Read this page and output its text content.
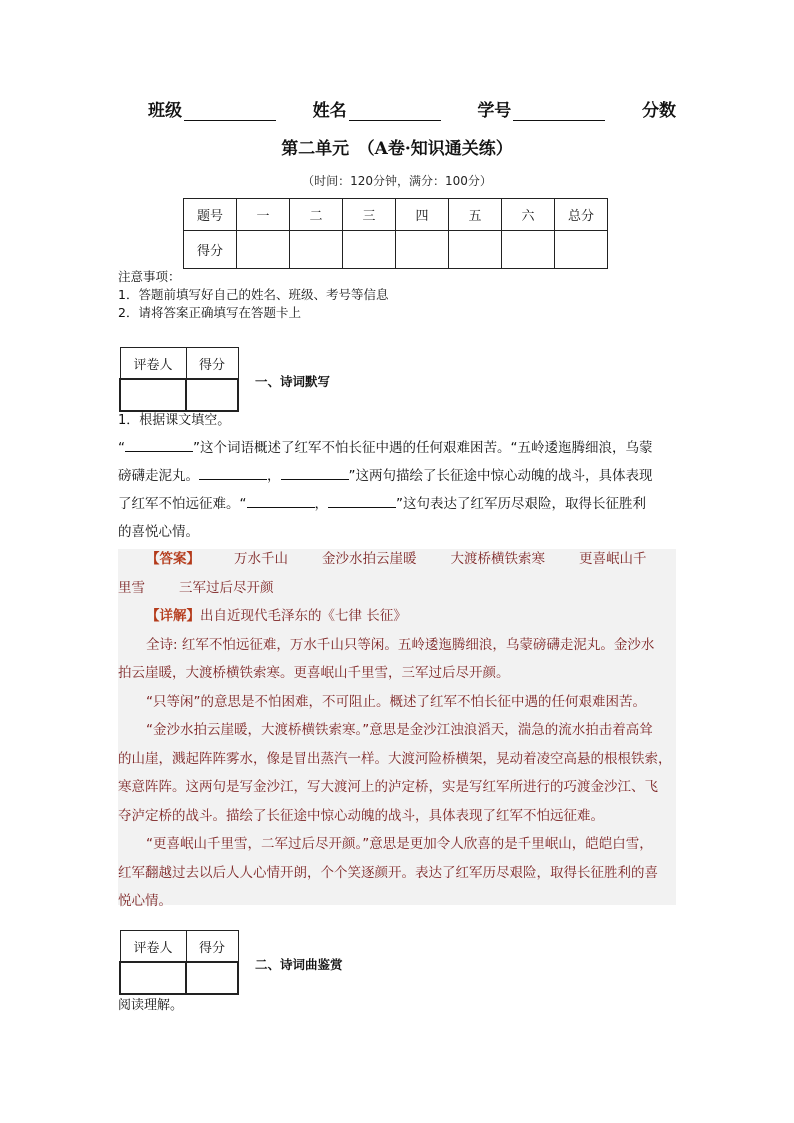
班级	姓名	学号	分数
第二单元　（A卷·知识通关练）
（时间：120分钟，满分：100分）
题号	一	二	三	四	五	六	总分
得分							
注意事项：
1．答题前填写好自己的姓名、班级、考号等信息
2．请将答案正确填写在答题卡上
评卷人	得分

一、诗词默写
1．根据课文填空。
“	”这个词语概述了红军不怕长征中遇的任何艰难困苦。“五岭逶迤腾细浪，乌蒙
磅礴走泥丸。	，	”这两句描绘了长征途中惊心动魄的战斗，具体表现
了红军不怕远征难。“	，	”这句表达了红军历尽艰险，取得长征胜利
的喜悦心情。
【答案】	万水千山	金沙水拍云崖暖	大渡桥横铁索寒	更喜岷山千
里雪	三军过后尽开颜
【详解】出自近现代毛泽东的《七律 长征》
全诗: 红军不怕远征难，万水千山只等闲。五岭逶迤腾细浪，乌蒙磅礴走泥丸。金沙水
拍云崖暖，大渡桥横铁索寒。更喜岷山千里雪，三军过后尽开颜。
“只等闲”的意思是不怕困难，不可阻止。概述了红军不怕长征中遇的任何艰难困苦。
“金沙水拍云崖暖，大渡桥横铁索寒。”意思是金沙江浊浪滔天，湍急的流水拍击着高耸
的山崖，溅起阵阵雾水，像是冒出蒸汽一样。大渡河险桥横架，晃动着凌空高悬的根根铁索，
寒意阵阵。这两句是写金沙江，写大渡河上的泸定桥，实是写红军所进行的巧渡金沙江、飞
夺泸定桥的战斗。描绘了长征途中惊心动魄的战斗，具体表现了红军不怕远征难。
“更喜岷山千里雪，二军过后尽开颜。”意思是更加令人欣喜的是千里岷山，皑皑白雪，
红军翻越过去以后人人心情开朗，个个笑逐颜开。表达了红军历尽艰险，取得长征胜利的喜
悦心情。
评卷人	得分

二、诗词曲鉴赏
阅读理解。
